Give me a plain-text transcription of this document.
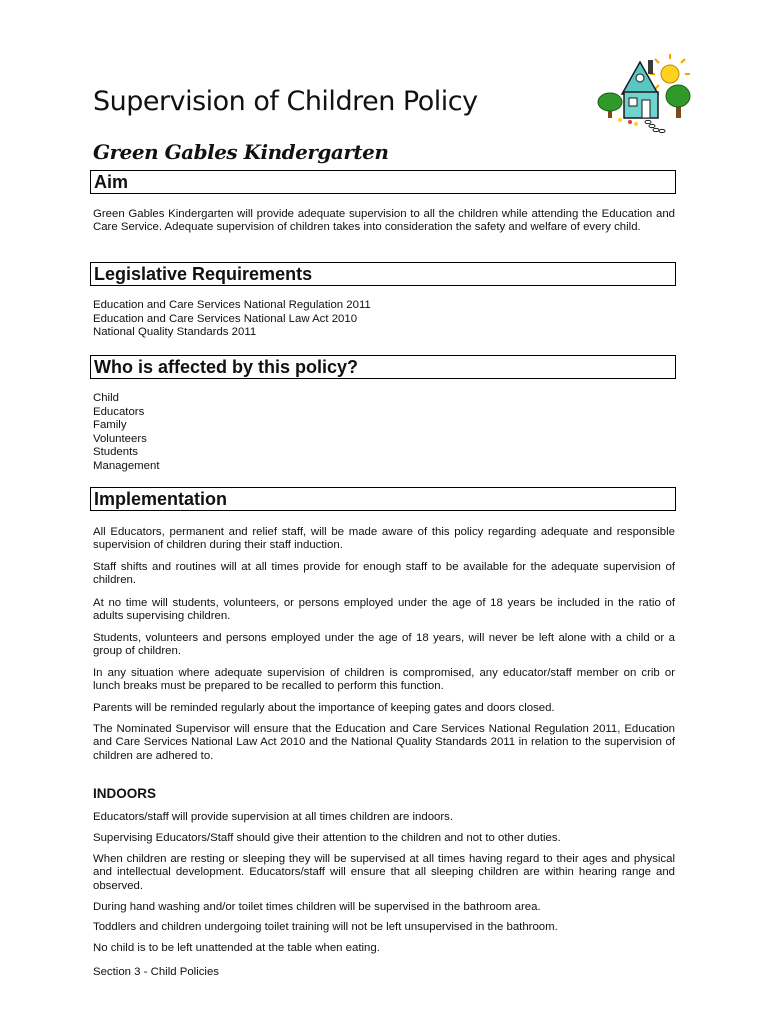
Supervision of Children Policy
Green Gables Kindergarten
Aim

Green Gables Kindergarten will provide adequate supervision to all the children while attending the Education and Care Service. Adequate supervision of children takes into consideration the safety and welfare of every child.

Legislative Requirements
Education and Care Services National Regulation 2011
Education and Care Services National Law Act 2010
National Quality Standards 2011
Who is affected by this policy?
Child
Educators
Family
Volunteers
Students
Management
Implementation

All Educators, permanent and relief staff, will be made aware of this policy regarding adequate and responsible supervision of children during their staff induction.

Staff shifts and routines will at all times provide for enough staff to be available for the adequate supervision of children.

At no time will students, volunteers, or persons employed under the age of 18 years be included in the ratio of adults supervising children.

Students, volunteers and persons employed under the age of 18 years, will never be left alone with a child or a group of children.

In any situation where adequate supervision of children is compromised, any educator/staff member on crib or lunch breaks must be prepared to be recalled to perform this function.

Parents will be reminded regularly about the importance of keeping gates and doors closed.

The Nominated Supervisor will ensure that the Education and Care Services National Regulation 2011, Education and Care Services National Law Act 2010 and the National Quality Standards 2011 in relation to the supervision of children are adhered to.

INDOORS

Educators/staff will provide supervision at all times children are indoors.

Supervising Educators/Staff should give their attention to the children and not to other duties.

When children are resting or sleeping they will be supervised at all times having regard to their ages and physical and intellectual development. Educators/staff will ensure that all sleeping children are within hearing range and observed.

During hand washing and/or toilet times children will be supervised in the bathroom area.

Toddlers and children undergoing toilet training will not be left unsupervised in the bathroom.

No child is to be left unattended at the table when eating.

Section 3 - Child Policies
